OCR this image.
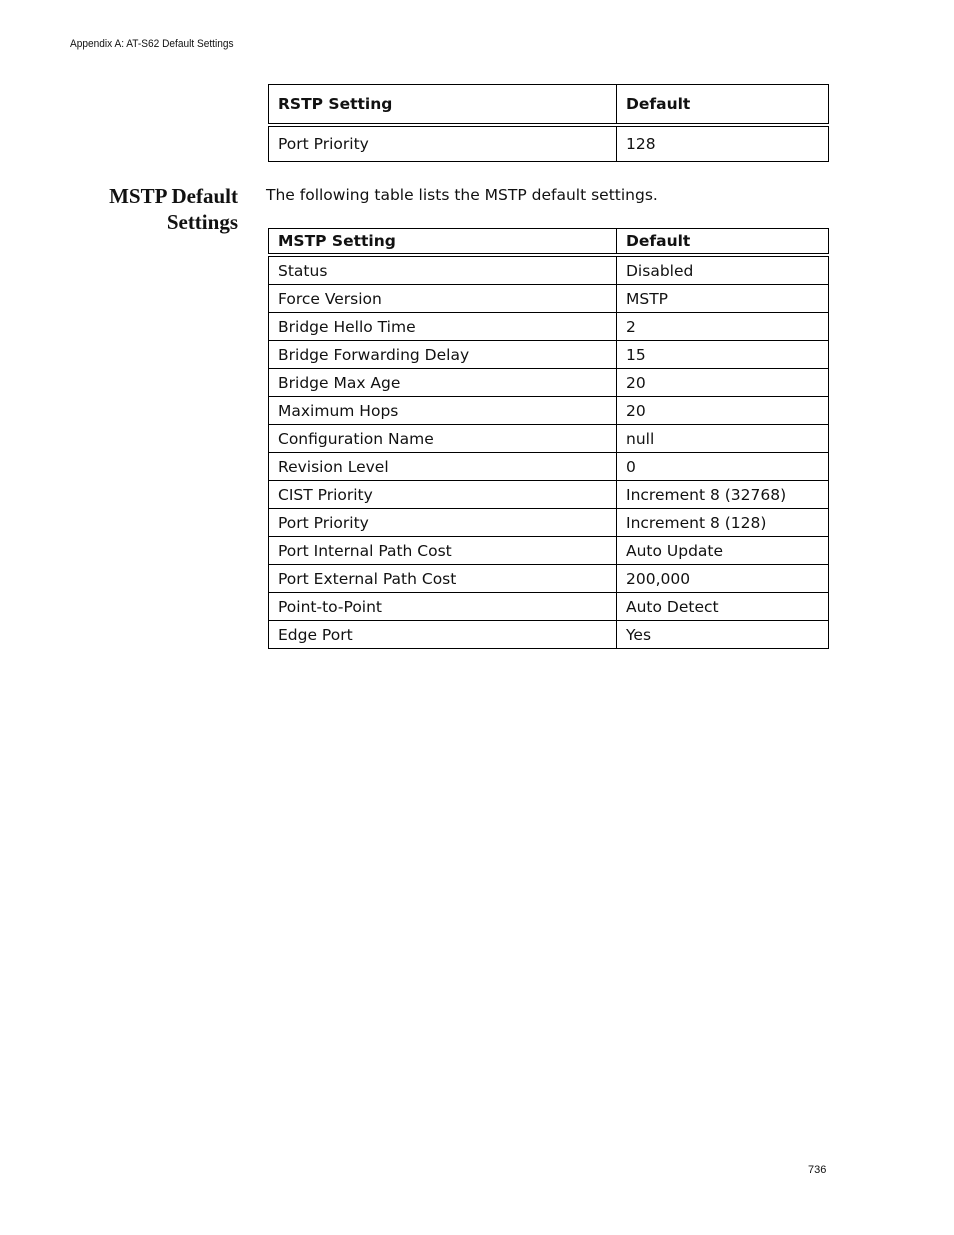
Appendix A: AT-S62 Default Settings
RSTP Setting	Default
Port Priority	128
MSTP Default
Settings
The following table lists the MSTP default settings.
MSTP Setting	Default
Status	Disabled
Force Version	MSTP
Bridge Hello Time	2
Bridge Forwarding Delay	15
Bridge Max Age	20
Maximum Hops	20
Configuration Name	null
Revision Level	0
CIST Priority	Increment 8 (32768)
Port Priority	Increment 8 (128)
Port Internal Path Cost	Auto Update
Port External Path Cost	200,000
Point-to-Point	Auto Detect
Edge Port	Yes
736
